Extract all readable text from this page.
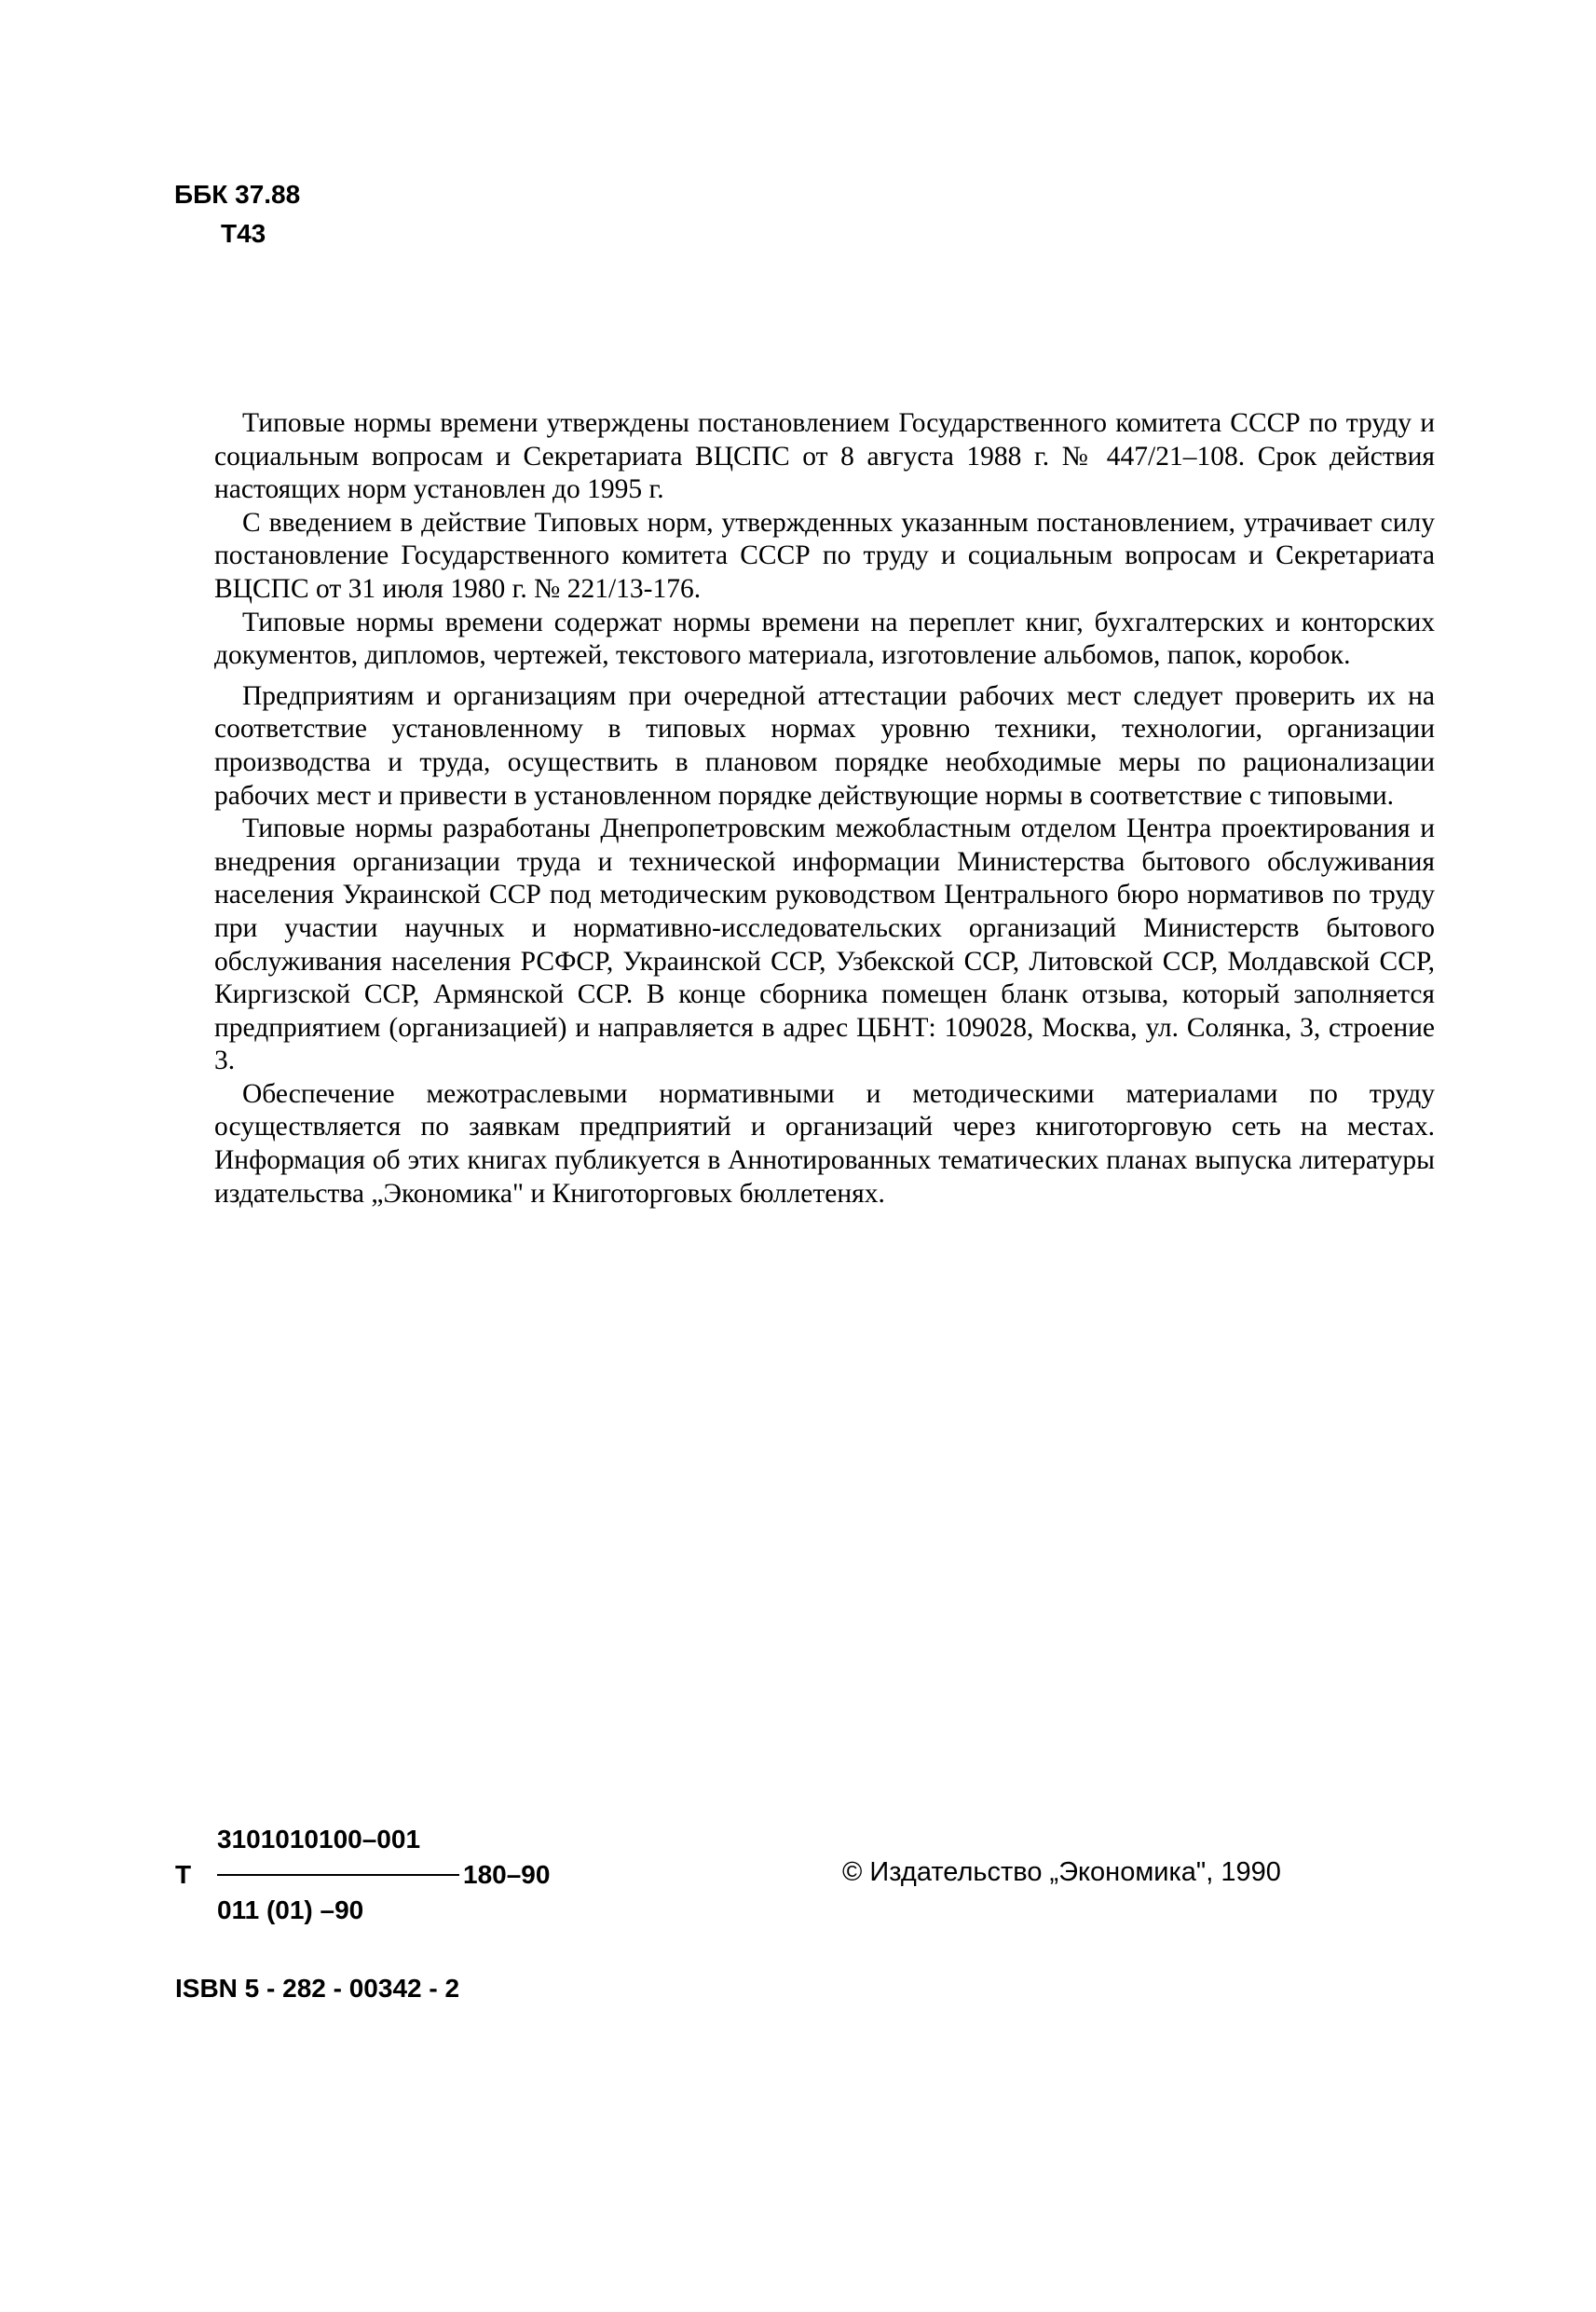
ББК 37.88
Т43

Типовые нормы времени утверждены постановлением Государственного комитета СССР по труду и социальным вопросам и Секретариата ВЦСПС от 8 августа 1988 г. № 447/21–108. Срок действия настоящих норм установлен до 1995 г.

С введением в действие Типовых норм, утвержденных указанным постановлением, утрачивает силу постановление Государственного комитета СССР по труду и социальным вопросам и Секретариата ВЦСПС от 31 июля 1980 г. № 221/13-176.

Типовые нормы времени содержат нормы времени на переплет книг, бухгалтерских и конторских документов, дипломов, чертежей, текстового материала, изготовление альбомов, папок, коробок.

Предприятиям и организациям при очередной аттестации рабочих мест следует проверить их на соответствие установленному в типовых нормах уровню техники, технологии, организации производства и труда, осуществить в плановом порядке необходимые меры по рационализации рабочих мест и привести в установленном порядке действующие нормы в соответствие с типовыми.

Типовые нормы разработаны Днепропетровским межобластным отделом Центра проектирования и внедрения организации труда и технической информации Министерства бытового обслуживания населения Украинской ССР под методическим руководством Центрального бюро нормативов по труду при участии научных и нормативно-исследовательских организаций Министерств бытового обслуживания населения РСФСР, Украинской ССР, Узбекской ССР, Литовской ССР, Молдавской ССР, Киргизской ССР, Армянской ССР. В конце сборника помещен бланк отзыва, который заполняется предприятием (организацией) и направляется в адрес ЦБНТ: 109028, Москва, ул. Солянка, 3, строение 3.

Обеспечение межотраслевыми нормативными и методическими материалами по труду осуществляется по заявкам предприятий и организаций через книготорговую сеть на местах. Информация об этих книгах публикуется в Аннотированных тематических планах выпуска литературы издательства „Экономика" и Книготорговых бюллетенях.

3101010100–001
Т	180–90
011 (01) –90
© Издательство „Экономика", 1990
ISBN 5 - 282 - 00342 - 2
